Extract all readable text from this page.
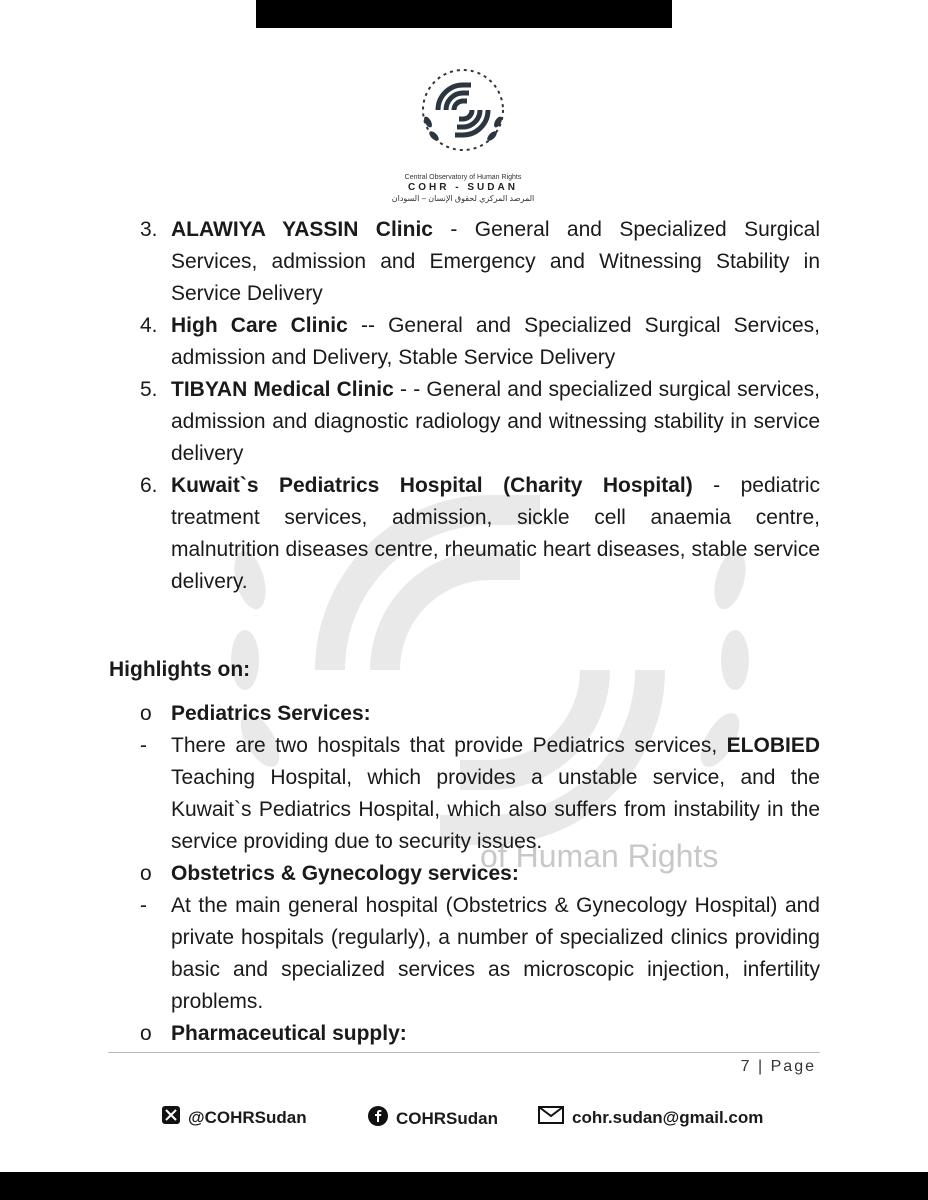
Central Observatory of Human Rights
COHR - SUDAN
المرصد المركزي لحقوق الإنسان – السودان
of Human Rights
3. ALAWIYA YASSIN Clinic - General and Specialized Surgical Services, admission and Emergency and Witnessing Stability in Service Delivery
4. High Care Clinic -- General and Specialized Surgical Services, admission and Delivery, Stable Service Delivery
5. TIBYAN Medical Clinic - - General and specialized surgical services, admission and diagnostic radiology and witnessing stability in service delivery
6. Kuwait`s Pediatrics Hospital (Charity Hospital) - pediatric treatment services, admission, sickle cell anaemia centre, malnutrition diseases centre, rheumatic heart diseases, stable service delivery.
Highlights on:
o Pediatrics Services:
-	There are two hospitals that provide Pediatrics services, ELOBIED Teaching Hospital, which provides a unstable service, and the Kuwait`s Pediatrics Hospital, which also suffers from instability in the service providing due to security issues.
o Obstetrics & Gynecology services:
-	At the main general hospital (Obstetrics & Gynecology Hospital) and private hospitals (regularly), a number of specialized clinics providing basic and specialized services as microscopic injection, infertility problems.
o Pharmaceutical supply:
7 | Page
@COHRSudan	COHRSudan	cohr.sudan@gmail.com
